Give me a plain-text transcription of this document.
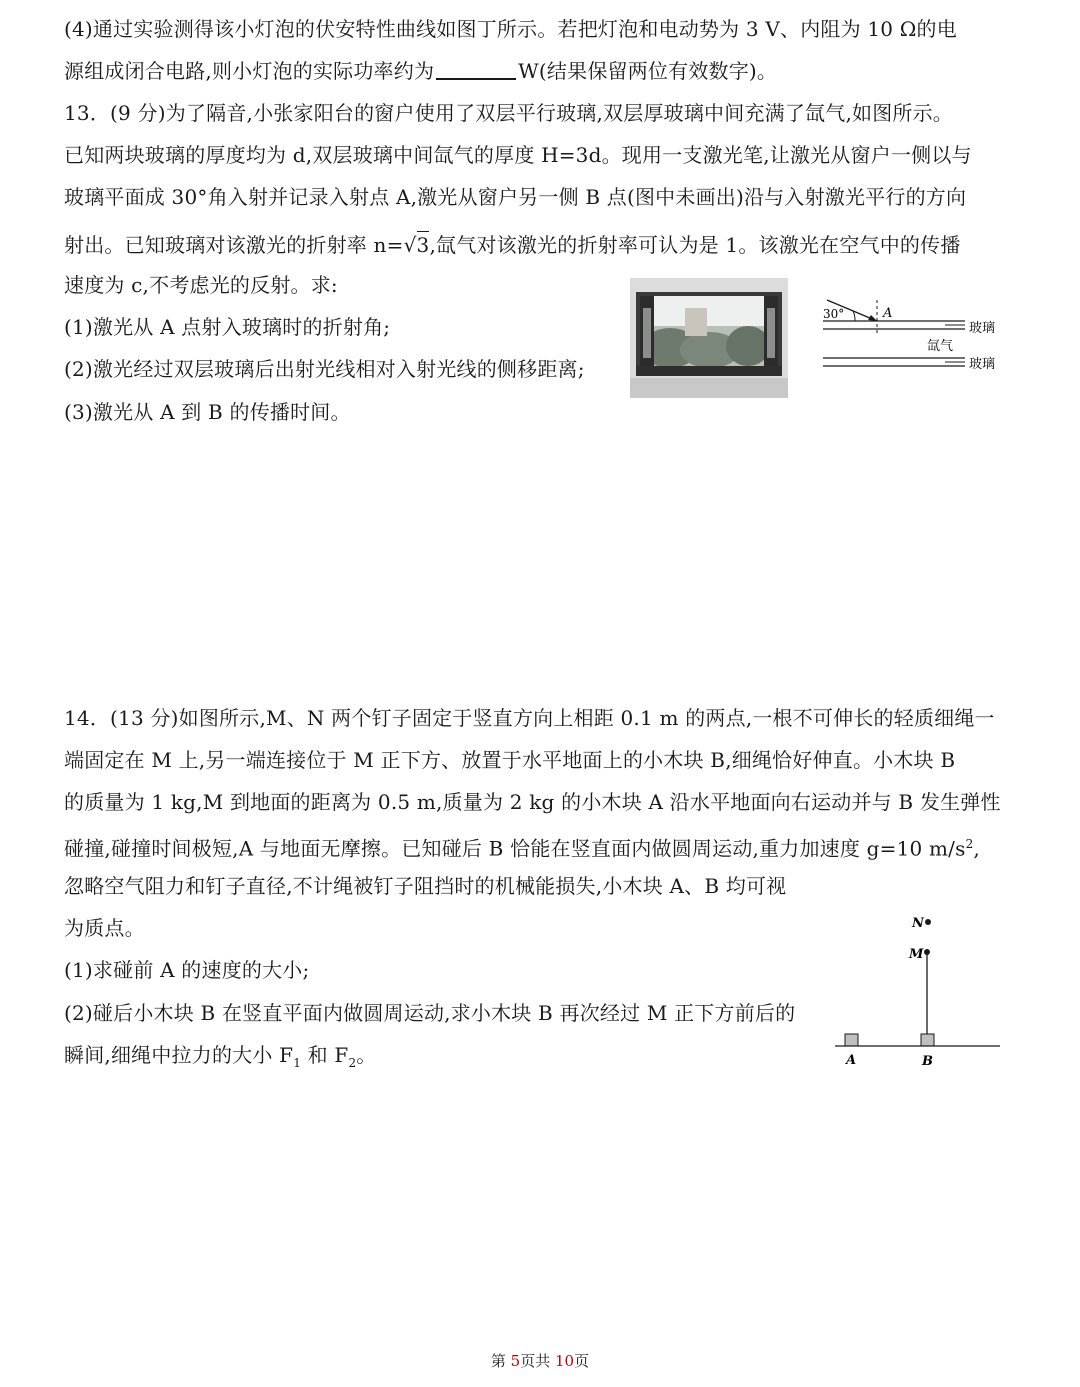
(4)通过实验测得该小灯泡的伏安特性曲线如图丁所示。若把灯泡和电动势为 3 V、内阻为 10 Ω的电
源组成闭合电路,则小灯泡的实际功率约为	W(结果保留两位有效数字)。
13．(9 分)为了隔音,小张家阳台的窗户使用了双层平行玻璃,双层厚玻璃中间充满了氙气,如图所示。
已知两块玻璃的厚度均为 d,双层玻璃中间氙气的厚度 H=3d。现用一支激光笔,让激光从窗户一侧以与
玻璃平面成 30°角入射并记录入射点 A,激光从窗户另一侧 B 点(图中未画出)沿与入射激光平行的方向
射出。已知玻璃对该激光的折射率 n=√3,氙气对该激光的折射率可认为是 1。该激光在空气中的传播
速度为 c,不考虑光的反射。求:
(1)激光从 A 点射入玻璃时的折射角;
(2)激光经过双层玻璃后出射光线相对入射光线的侧移距离;
(3)激光从 A 到 B 的传播时间。
30°	A
玻璃
氙气
玻璃
14．(13 分)如图所示,M、N 两个钉子固定于竖直方向上相距 0.1 m 的两点,一根不可伸长的轻质细绳一
端固定在 M 上,另一端连接位于 M 正下方、放置于水平地面上的小木块 B,细绳恰好伸直。小木块 B
的质量为 1 kg,M 到地面的距离为 0.5 m,质量为 2 kg 的小木块 A 沿水平地面向右运动并与 B 发生弹性
碰撞,碰撞时间极短,A 与地面无摩擦。已知碰后 B 恰能在竖直面内做圆周运动,重力加速度 g=10 $m/s^2$,
忽略空气阻力和钉子直径,不计绳被钉子阻挡时的机械能损失,小木块 A、B 均可视
为质点。
(1)求碰前 A 的速度的大小;
(2)碰后小木块 B 在竖直平面内做圆周运动,求小木块 B 再次经过 M 正下方前后的
瞬间,细绳中拉力的大小 $F_1$ 和 $F_2$。
N
M
A	B
第 5页共 10页
